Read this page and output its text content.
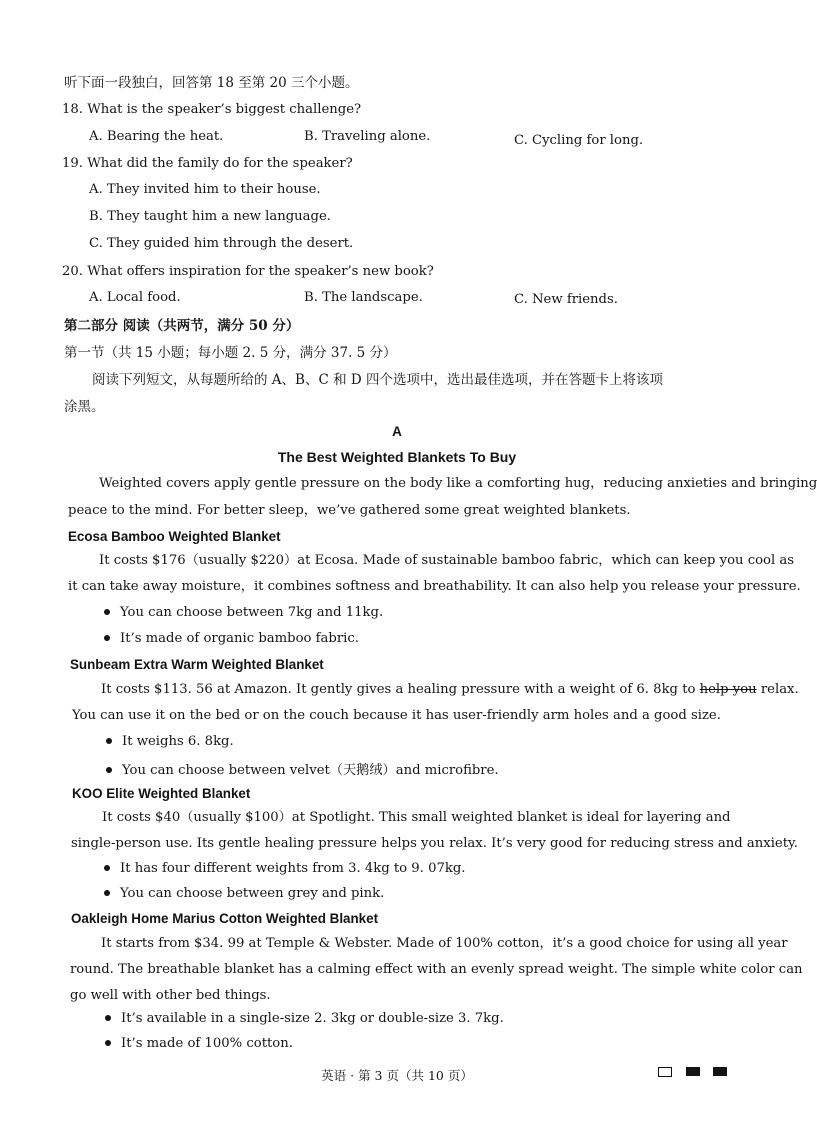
听下面一段独白，回答第 18 至第 20 三个小题。
18. What is the speaker’s biggest challenge?
A. Bearing the heat.	B. Traveling alone.	C. Cycling for long.
19. What did the family do for the speaker?
A. They invited him to their house.
B. They taught him a new language.
C. They guided him through the desert.
20. What offers inspiration for the speaker’s new book?
A. Local food.	B. The landscape.	C. New friends.
第二部分 阅读（共两节，满分 50 分）
第一节（共 15 小题；每小题 2. 5 分，满分 37. 5 分）
阅读下列短文，从每题所给的 A、B、C 和 D 四个选项中，选出最佳选项，并在答题卡上将该项
涂黑。
A
The Best Weighted Blankets To Buy
Weighted covers apply gentle pressure on the body like a comforting hug，reducing anxieties and bringing
peace to the mind. For better sleep，we’ve gathered some great weighted blankets.
Ecosa Bamboo Weighted Blanket
It costs $176（usually $220）at Ecosa. Made of sustainable bamboo fabric，which can keep you cool as
it can take away moisture，it combines softness and breathability. It can also help you release your pressure.
You can choose between 7kg and 11kg.
It’s made of organic bamboo fabric.
Sunbeam Extra Warm Weighted Blanket
It costs $113. 56 at Amazon. It gently gives a healing pressure with a weight of 6. 8kg to help you relax.
You can use it on the bed or on the couch because it has user-friendly arm holes and a good size.
It weighs 6. 8kg.
You can choose between velvet（天鹅绒）and microfibre.
KOO Elite Weighted Blanket
It costs $40（usually $100）at Spotlight. This small weighted blanket is ideal for layering and
single-person use. Its gentle healing pressure helps you relax. It’s very good for reducing stress and anxiety.
It has four different weights from 3. 4kg to 9. 07kg.
You can choose between grey and pink.
Oakleigh Home Marius Cotton Weighted Blanket
It starts from $34. 99 at Temple & Webster. Made of 100% cotton，it’s a good choice for using all year
round. The breathable blanket has a calming effect with an evenly spread weight. The simple white color can
go well with other bed things.
It’s available in a single-size 2. 3kg or double-size 3. 7kg.
It’s made of 100% cotton.
英语 · 第 3 页（共 10 页）
